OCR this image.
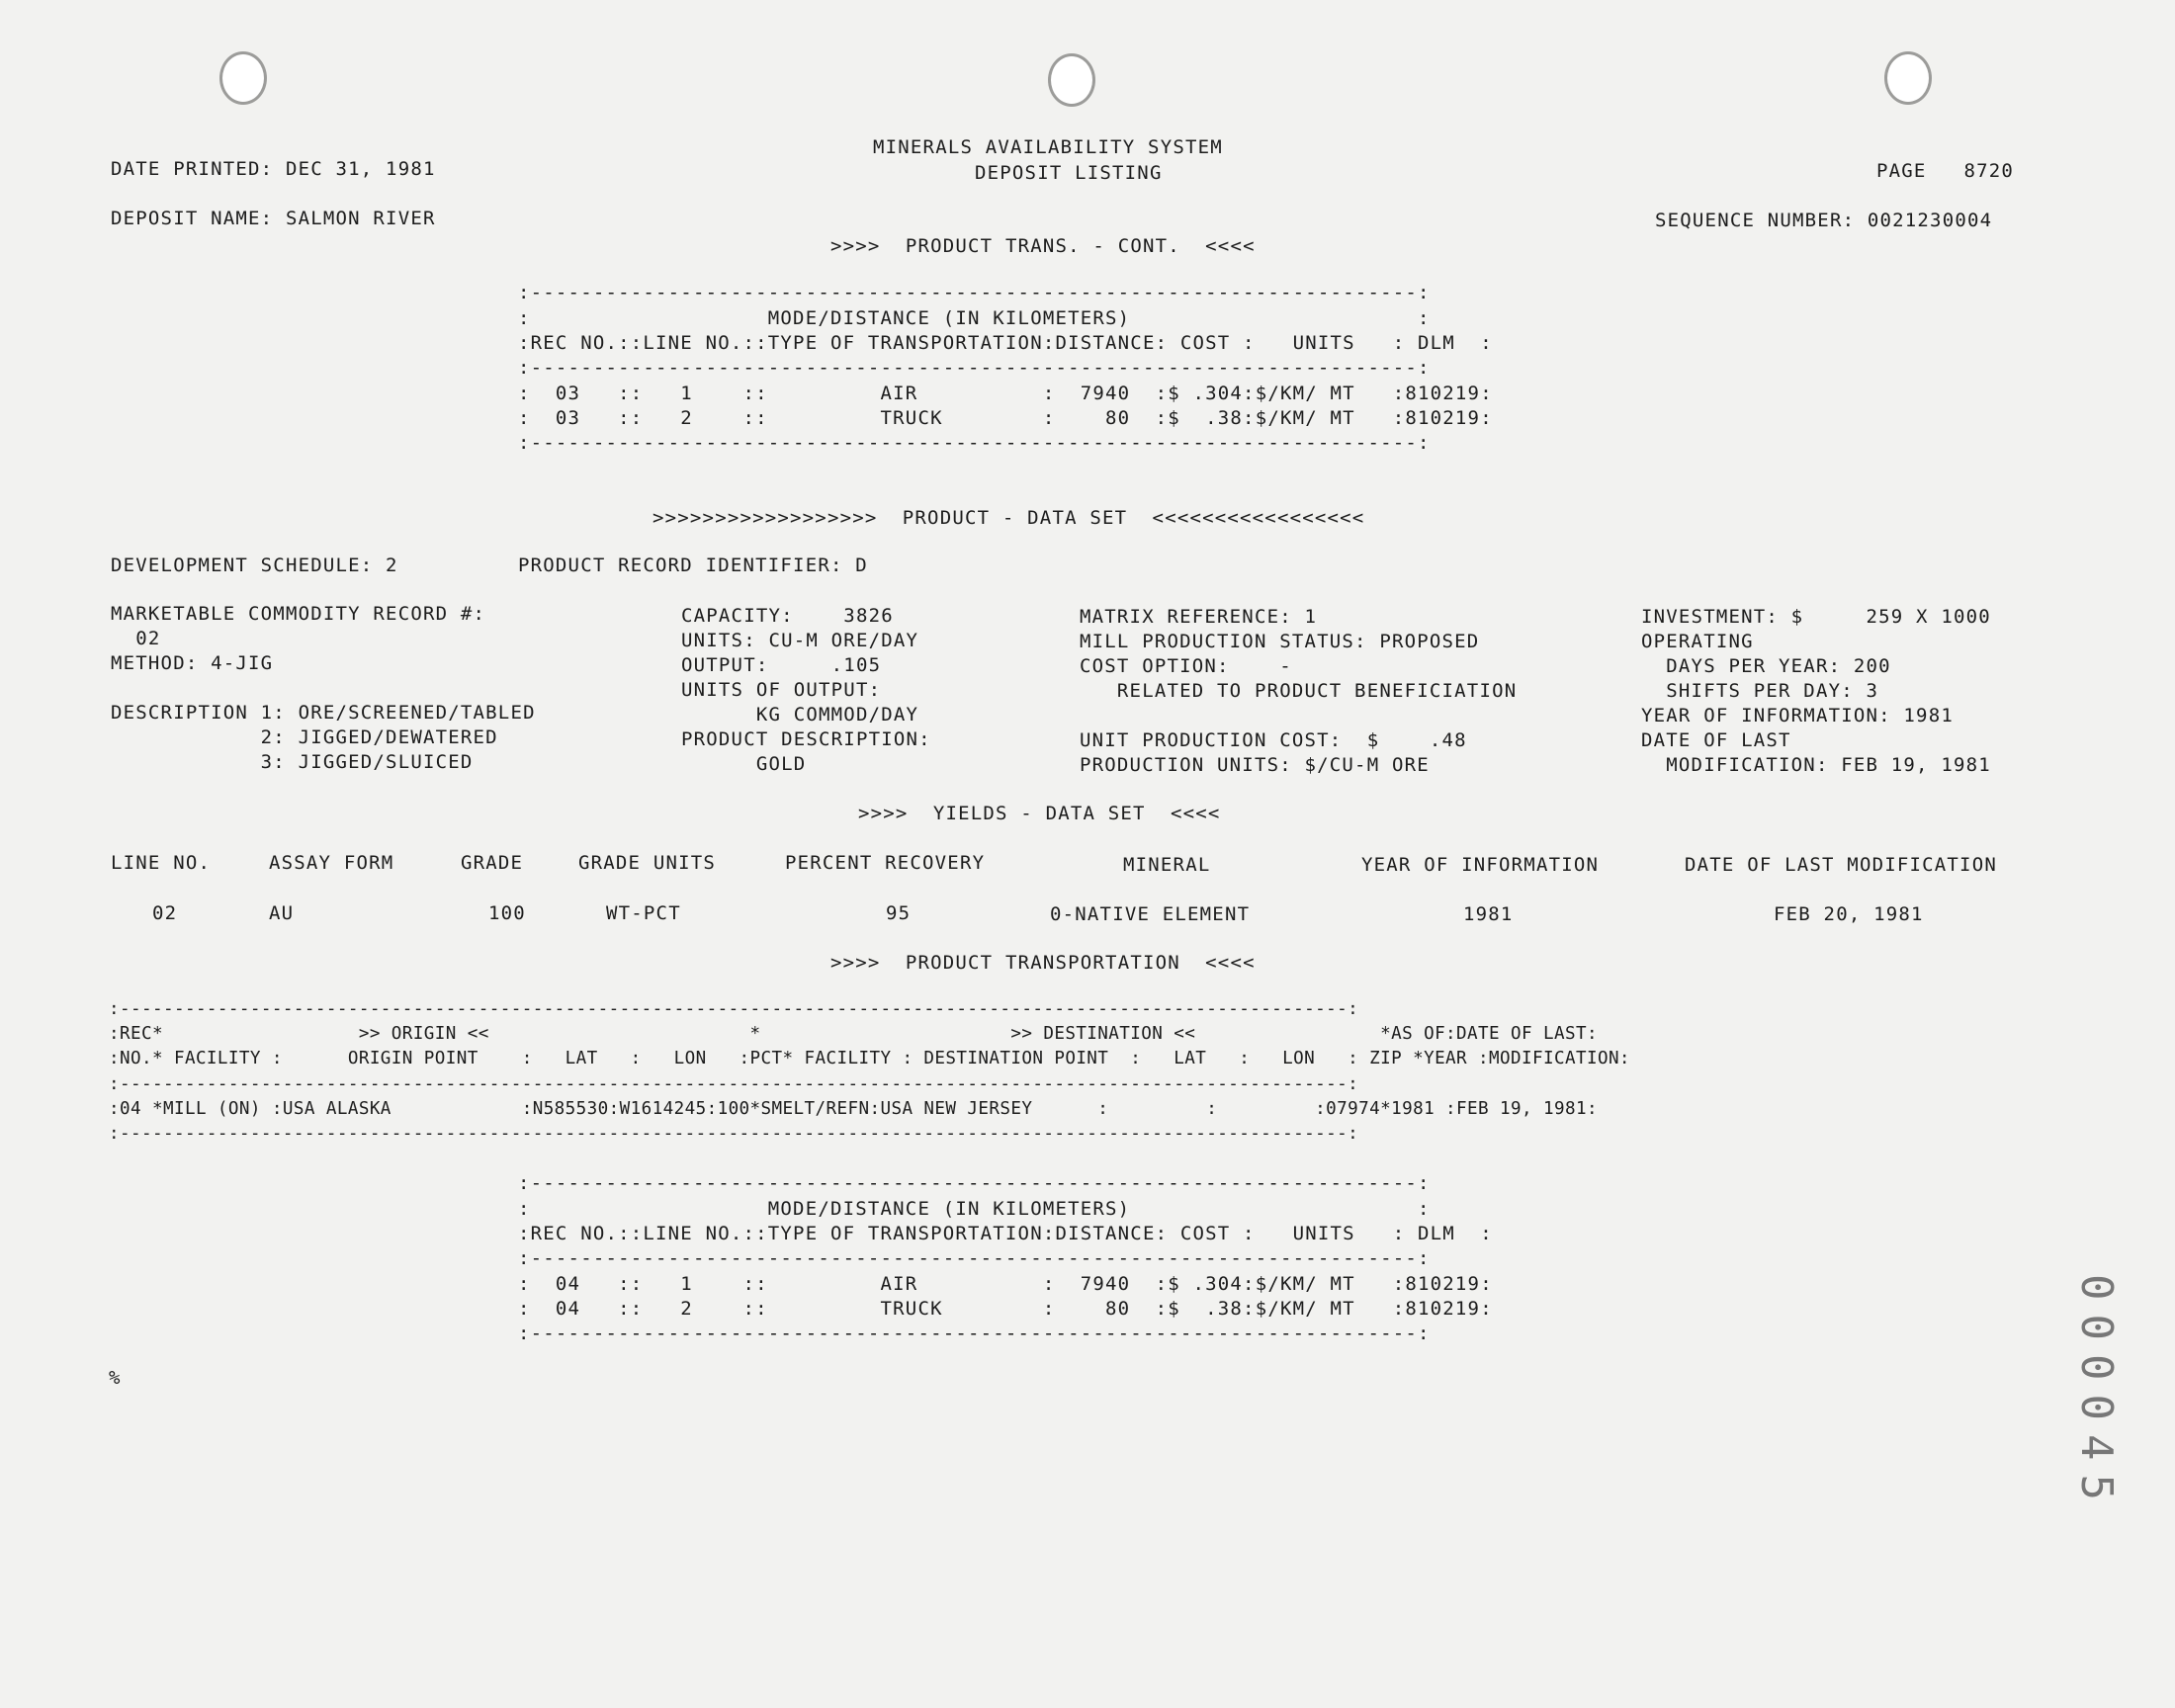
DATE PRINTED: DEC 31, 1981
MINERALS AVAILABILITY SYSTEM
DEPOSIT LISTING	PAGE   8720
DEPOSIT NAME: SALMON RIVER	SEQUENCE NUMBER: 0021230004
>>>>  PRODUCT TRANS. - CONT.  <<<<
:-----------------------------------------------------------------------:
:                   MODE/DISTANCE (IN KILOMETERS)                       :
:REC NO.::LINE NO.::TYPE OF TRANSPORTATION:DISTANCE: COST :   UNITS   : DLM  :
:-----------------------------------------------------------------------:
:  03   ::   1    ::         AIR          :  7940  :$ .304:$/KM/ MT   :810219:
:  03   ::   2    ::         TRUCK        :    80  :$  .38:$/KM/ MT   :810219:
:-----------------------------------------------------------------------:
>>>>>>>>>>>>>>>>>>  PRODUCT - DATA SET  <<<<<<<<<<<<<<<<<
DEVELOPMENT SCHEDULE: 2	PRODUCT RECORD IDENTIFIER: D
MARKETABLE COMMODITY RECORD #:
02
METHOD: 4-JIG
DESCRIPTION 1: ORE/SCREENED/TABLED
2: JIGGED/DEWATERED
3: JIGGED/SLUICED
CAPACITY:    3826
UNITS: CU-M ORE/DAY
OUTPUT:     .105
UNITS OF OUTPUT:
KG COMMOD/DAY
PRODUCT DESCRIPTION:
GOLD
MATRIX REFERENCE: 1
MILL PRODUCTION STATUS: PROPOSED
COST OPTION:    -
RELATED TO PRODUCT BENEFICIATION
UNIT PRODUCTION COST:  $    .48
PRODUCTION UNITS: $/CU-M ORE
INVESTMENT: $     259 X 1000
OPERATING
DAYS PER YEAR: 200
SHIFTS PER DAY: 3
YEAR OF INFORMATION: 1981
DATE OF LAST
MODIFICATION: FEB 19, 1981
>>>>  YIELDS - DATA SET  <<<<
LINE NO.	ASSAY FORM	GRADE	GRADE UNITS	PERCENT RECOVERY	MINERAL	YEAR OF INFORMATION	DATE OF LAST MODIFICATION
02	AU	100	WT-PCT	95	0-NATIVE ELEMENT	1981	FEB 20, 1981
>>>>  PRODUCT TRANSPORTATION  <<<<
:-----------------------------------------------------------------------------------------------------------------:
:REC*                  >> ORIGIN <<                        *                       >> DESTINATION <<                 *AS OF:DATE OF LAST:
:NO.* FACILITY :      ORIGIN POINT    :   LAT   :   LON   :PCT* FACILITY : DESTINATION POINT  :   LAT   :   LON   : ZIP *YEAR :MODIFICATION:
:-----------------------------------------------------------------------------------------------------------------:
:04 *MILL (ON) :USA ALASKA            :N585530:W1614245:100*SMELT/REFN:USA NEW JERSEY      :         :         :07974*1981 :FEB 19, 1981:
:-----------------------------------------------------------------------------------------------------------------:
:-----------------------------------------------------------------------:
:                   MODE/DISTANCE (IN KILOMETERS)                       :
:REC NO.::LINE NO.::TYPE OF TRANSPORTATION:DISTANCE: COST :   UNITS   : DLM  :
:-----------------------------------------------------------------------:
:  04   ::   1    ::         AIR          :  7940  :$ .304:$/KM/ MT   :810219:
:  04   ::   2    ::         TRUCK        :    80  :$  .38:$/KM/ MT   :810219:
:-----------------------------------------------------------------------:
%	000045
